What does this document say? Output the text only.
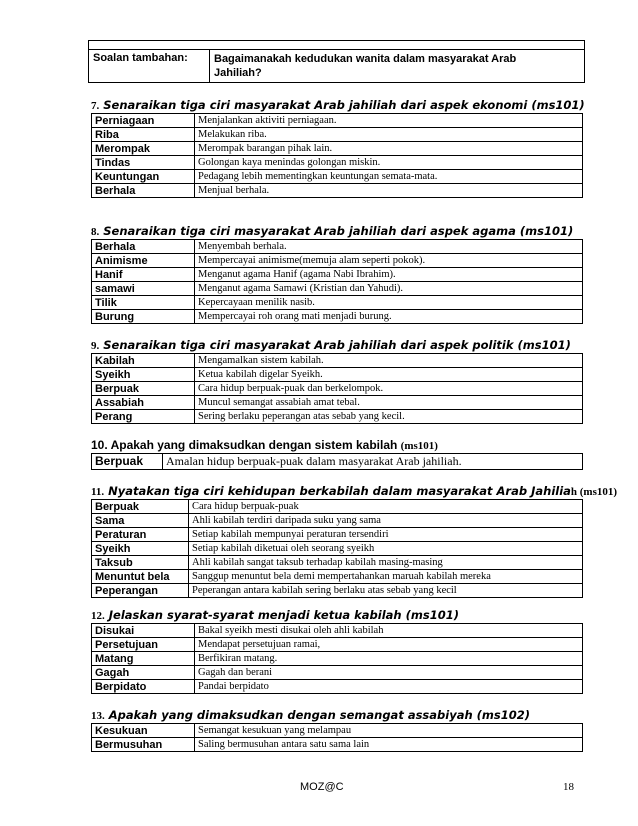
Soalan tambahan:	Bagaimanakah kedudukan wanita dalam masyarakat Arab
Jahiliah?
7. Senaraikan tiga ciri masyarakat Arab jahiliah dari aspek ekonomi (ms101)
Perniagaan	Menjalankan aktiviti perniagaan.
Riba	Melakukan riba.
Merompak	Merompak barangan pihak lain.
Tindas	Golongan kaya menindas golongan miskin.
Keuntungan	Pedagang lebih mementingkan keuntungan semata-mata.
Berhala	Menjual berhala.
8. Senaraikan tiga ciri masyarakat Arab jahiliah dari aspek agama (ms101)
Berhala	Menyembah berhala.
Animisme	Mempercayai animisme(memuja alam seperti pokok).
Hanif	Menganut agama Hanif (agama Nabi Ibrahim).
samawi	Menganut agama Samawi (Kristian dan Yahudi).
Tilik	Kepercayaan menilik nasib.
Burung	Mempercayai roh orang mati menjadi burung.
9. Senaraikan tiga ciri masyarakat Arab jahiliah dari aspek politik (ms101)
Kabilah	Mengamalkan sistem kabilah.
Syeikh	Ketua kabilah digelar Syeikh.
Berpuak	Cara hidup berpuak-puak dan berkelompok.
Assabiah	Muncul semangat assabiah amat tebal.
Perang	Sering berlaku peperangan atas sebab yang kecil.
10. Apakah yang dimaksudkan dengan sistem kabilah (ms101)
Berpuak	Amalan hidup berpuak-puak dalam masyarakat Arab jahiliah.
11. Nyatakan tiga ciri kehidupan berkabilah dalam masyarakat Arab Jahiliah (ms101)
Berpuak	Cara hidup berpuak-puak
Sama	Ahli kabilah terdiri daripada suku yang sama
Peraturan	Setiap kabilah mempunyai peraturan tersendiri
Syeikh	Setiap kabilah diketuai oleh seorang syeikh
Taksub	Ahli kabilah sangat taksub terhadap kabilah masing-masing
Menuntut bela	Sanggup menuntut bela demi mempertahankan maruah kabilah mereka
Peperangan	Peperangan antara kabilah sering berlaku atas sebab yang kecil
12. Jelaskan syarat-syarat menjadi ketua kabilah (ms101)
Disukai	Bakal syeikh mesti disukai oleh ahli kabilah
Persetujuan	Mendapat persetujuan ramai,
Matang	Berfikiran matang.
Gagah	Gagah dan berani
Berpidato	Pandai berpidato
13. Apakah yang dimaksudkan dengan semangat assabiyah (ms102)
Kesukuan	Semangat kesukuan yang melampau
Bermusuhan	Saling bermusuhan antara satu sama lain
MOZ@C	18
